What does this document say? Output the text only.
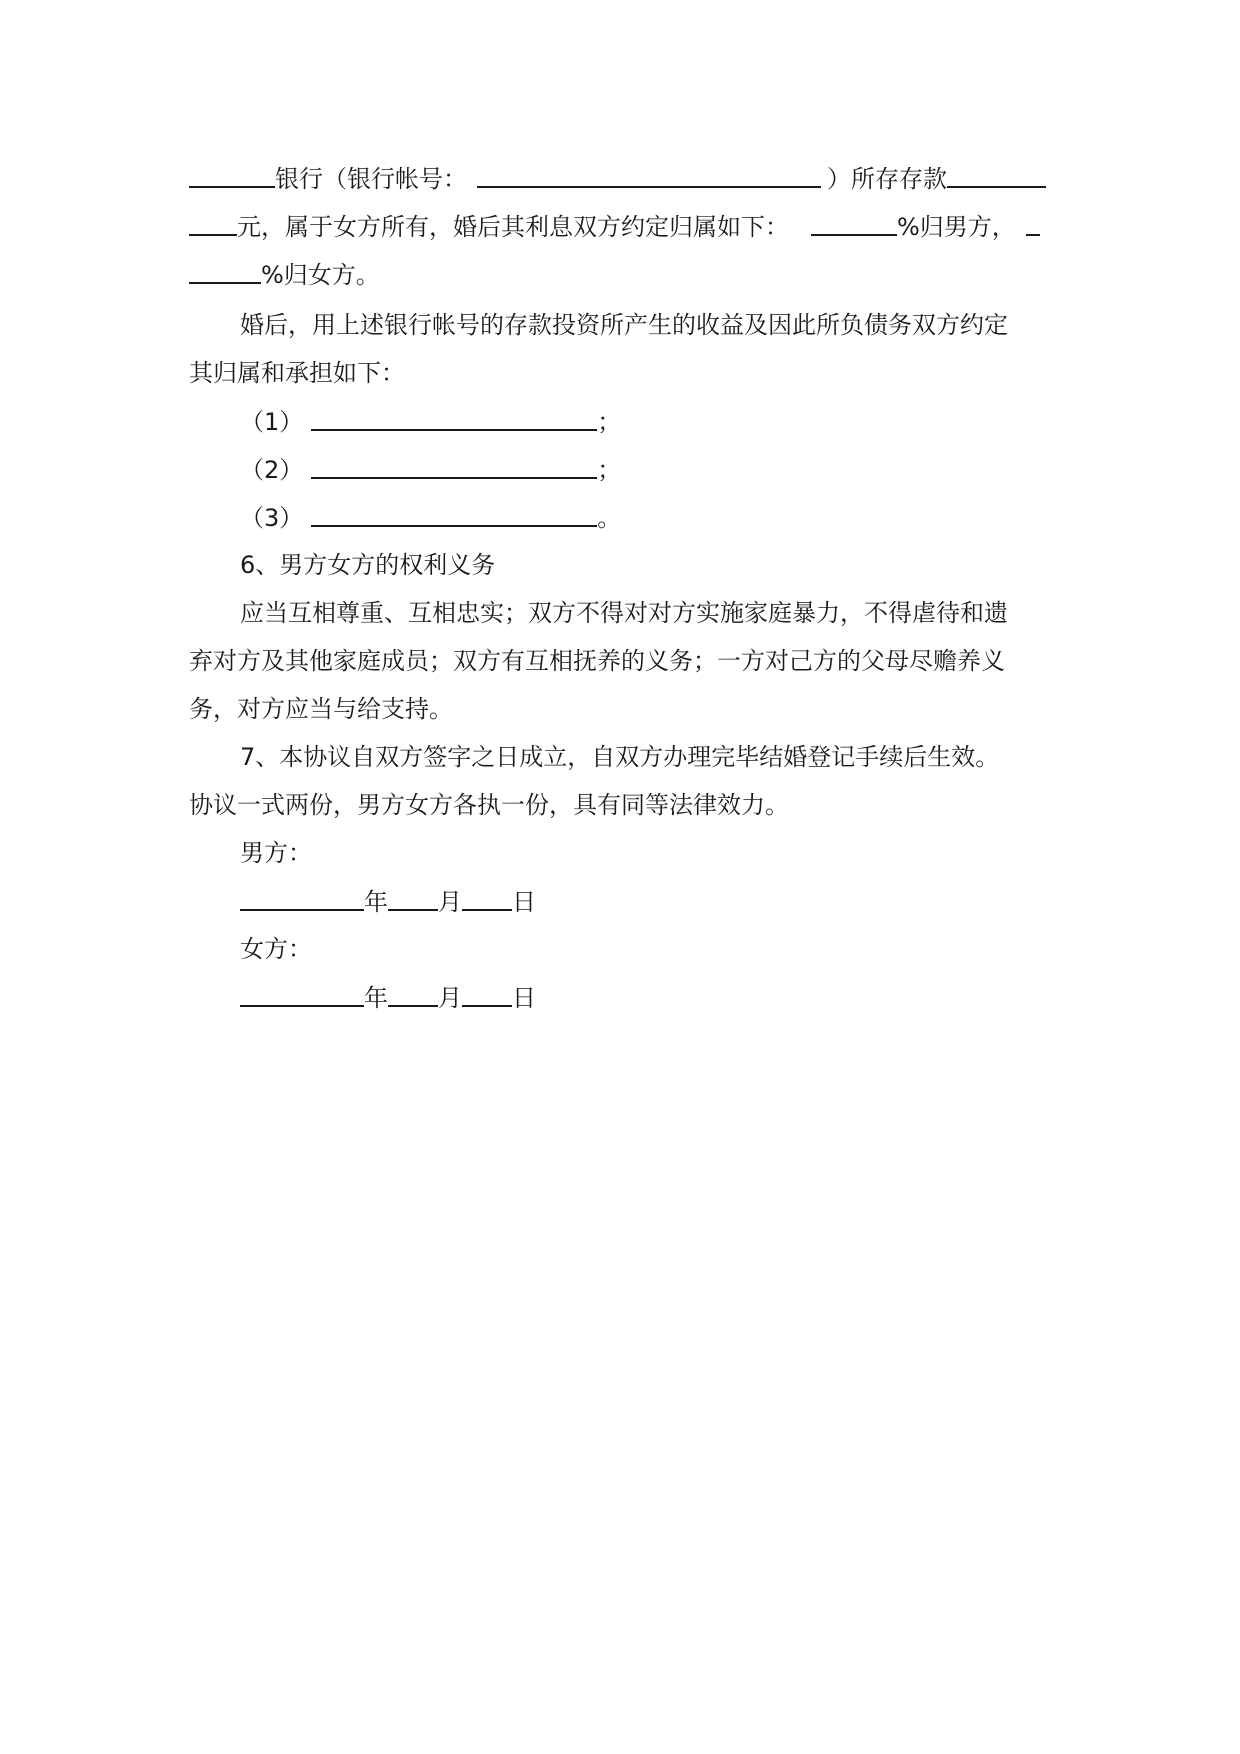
银行（银行帐号：	）所存存款
元，属于女方所有，婚后其利息双方约定归属如下：	%归男方，
%归女方。
婚后，用上述银行帐号的存款投资所产生的收益及因此所负债务双方约定
其归属和承担如下：
（1）	；
（2）	；
（3）	。
6、男方女方的权利义务
应当互相尊重、互相忠实；双方不得对对方实施家庭暴力，不得虐待和遗
弃对方及其他家庭成员；双方有互相抚养的义务；一方对己方的父母尽赡养义
务，对方应当与给支持。
7、本协议自双方签字之日成立，自双方办理完毕结婚登记手续后生效。
协议一式两份，男方女方各执一份，具有同等法律效力。
男方：
年 月 日
女方：
年 月 日
